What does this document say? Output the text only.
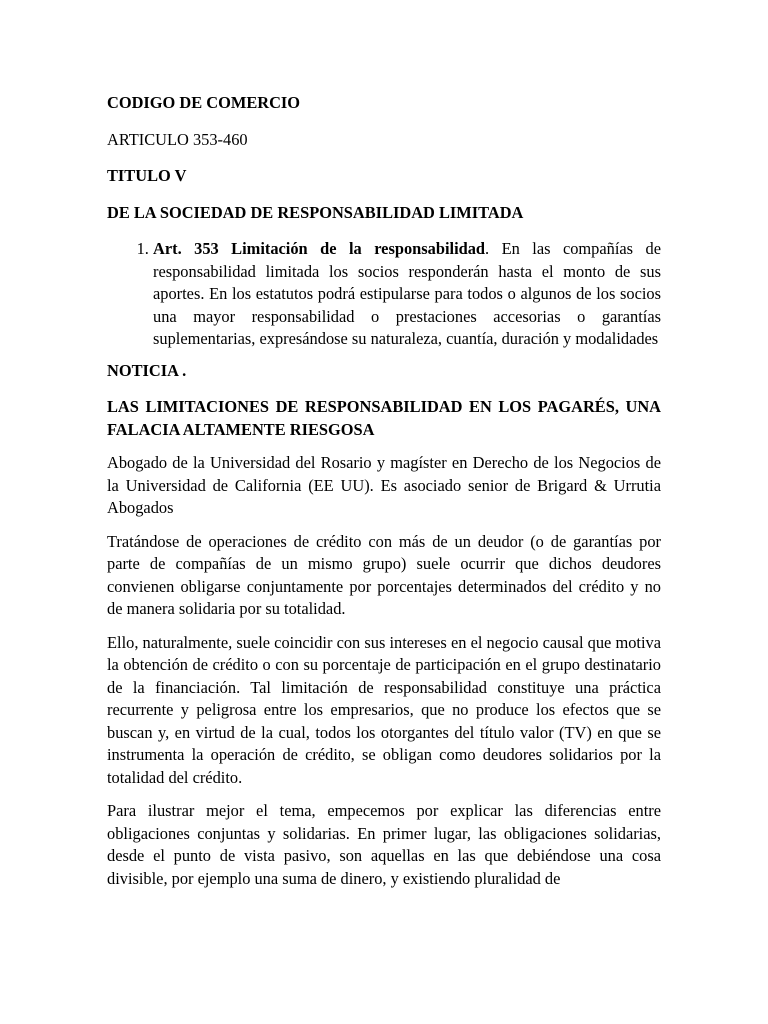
CODIGO DE COMERCIO

ARTICULO 353-460

TITULO V

DE LA SOCIEDAD DE RESPONSABILIDAD LIMITADA

1. Art. 353 Limitación de la responsabilidad. En las compañías de responsabilidad limitada los socios responderán hasta el monto de sus aportes. En los estatutos podrá estipularse para todos o algunos de los socios una mayor responsabilidad o prestaciones accesorias o garantías suplementarias, expresándose su naturaleza, cuantía, duración y modalidades

NOTICIA .

LAS LIMITACIONES DE RESPONSABILIDAD EN LOS PAGARÉS, UNA FALACIA ALTAMENTE RIESGOSA

Abogado de la Universidad del Rosario y magíster en Derecho de los Negocios de la Universidad de California (EE UU). Es asociado senior de Brigard & Urrutia Abogados

Tratándose de operaciones de crédito con más de un deudor (o de garantías por parte de compañías de un mismo grupo) suele ocurrir que dichos deudores convienen obligarse conjuntamente por porcentajes determinados del crédito y no de manera solidaria por su totalidad.

Ello, naturalmente, suele coincidir con sus intereses en el negocio causal que motiva la obtención de crédito o con su porcentaje de participación en el grupo destinatario de la financiación. Tal limitación de responsabilidad constituye una práctica recurrente y peligrosa entre los empresarios, que no produce los efectos que se buscan y, en virtud de la cual, todos los otorgantes del título valor (TV) en que se instrumenta la operación de crédito, se obligan como deudores solidarios por la totalidad del crédito.

Para ilustrar mejor el tema, empecemos por explicar las diferencias entre obligaciones conjuntas y solidarias. En primer lugar, las obligaciones solidarias, desde el punto de vista pasivo, son aquellas en las que debiéndose una cosa divisible, por ejemplo una suma de dinero, y existiendo pluralidad de
